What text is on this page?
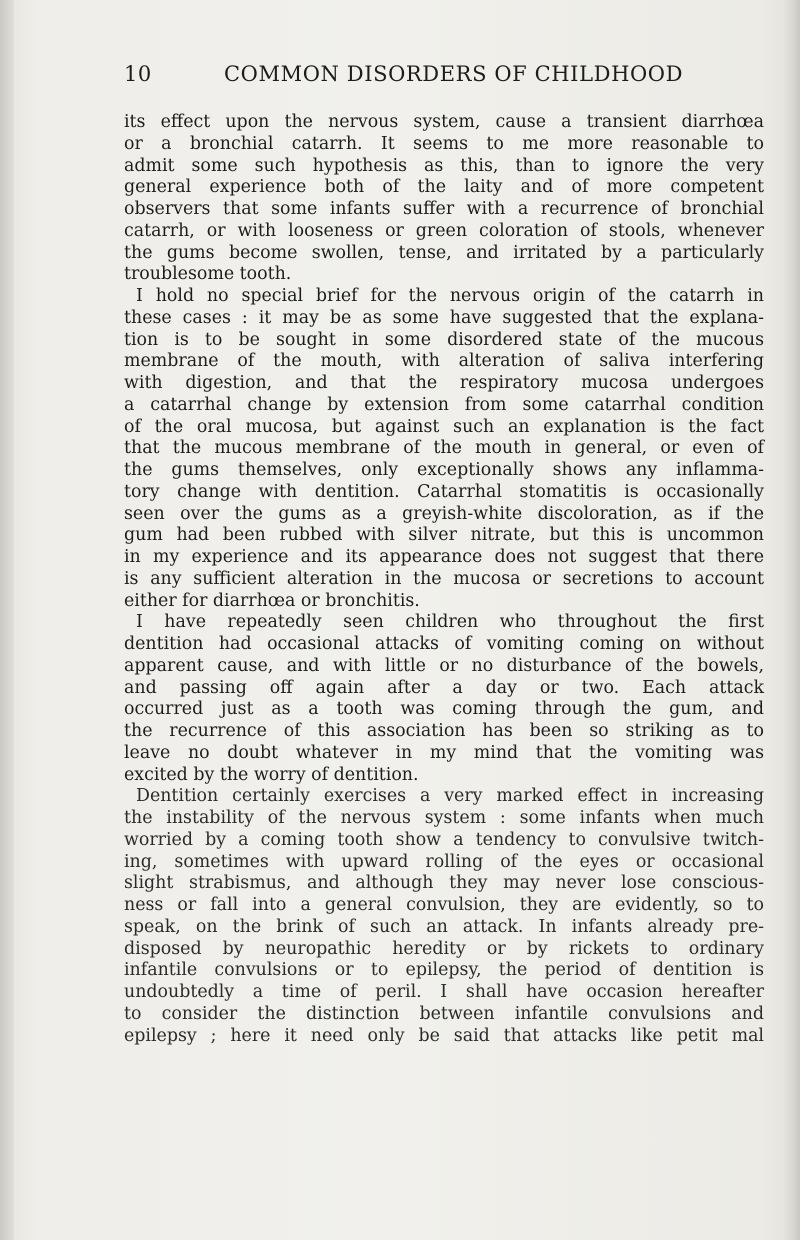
10	COMMON DISORDERS OF CHILDHOOD
its effect upon the nervous system, cause a transient diarrhœa
or a bronchial catarrh. It seems to me more reasonable to
admit some such hypothesis as this, than to ignore the very
general experience both of the laity and of more competent
observers that some infants suffer with a recurrence of bronchial
catarrh, or with looseness or green coloration of stools, whenever
the gums become swollen, tense, and irritated by a particularly
troublesome tooth.
I hold no special brief for the nervous origin of the catarrh in
these cases : it may be as some have suggested that the explana-
tion is to be sought in some disordered state of the mucous
membrane of the mouth, with alteration of saliva interfering
with digestion, and that the respiratory mucosa undergoes
a catarrhal change by extension from some catarrhal condition
of the oral mucosa, but against such an explanation is the fact
that the mucous membrane of the mouth in general, or even of
the gums themselves, only exceptionally shows any inflamma-
tory change with dentition. Catarrhal stomatitis is occasionally
seen over the gums as a greyish-white discoloration, as if the
gum had been rubbed with silver nitrate, but this is uncommon
in my experience and its appearance does not suggest that there
is any sufficient alteration in the mucosa or secretions to account
either for diarrhœa or bronchitis.
I have repeatedly seen children who throughout the first
dentition had occasional attacks of vomiting coming on without
apparent cause, and with little or no disturbance of the bowels,
and passing off again after a day or two. Each attack
occurred just as a tooth was coming through the gum, and
the recurrence of this association has been so striking as to
leave no doubt whatever in my mind that the vomiting was
excited by the worry of dentition.
Dentition certainly exercises a very marked effect in increasing
the instability of the nervous system : some infants when much
worried by a coming tooth show a tendency to convulsive twitch-
ing, sometimes with upward rolling of the eyes or occasional
slight strabismus, and although they may never lose conscious-
ness or fall into a general convulsion, they are evidently, so to
speak, on the brink of such an attack. In infants already pre-
disposed by neuropathic heredity or by rickets to ordinary
infantile convulsions or to epilepsy, the period of dentition is
undoubtedly a time of peril. I shall have occasion hereafter
to consider the distinction between infantile convulsions and
epilepsy ; here it need only be said that attacks like petit mal
